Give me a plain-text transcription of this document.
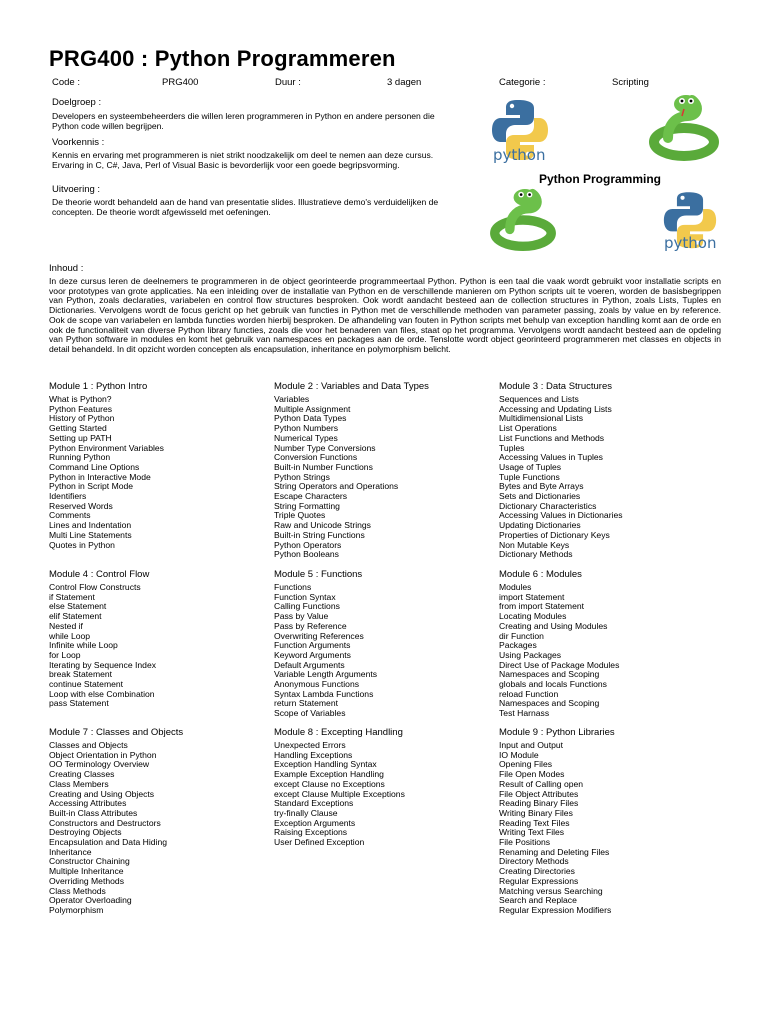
PRG400 : Python Programmeren
Code :	PRG400	Duur :	3 dagen	Categorie :	Scripting
Doelgroep :
Developers en systeembeheerders die willen leren programmeren in Python en andere personen die Python code willen begrijpen.
Voorkennis :
Kennis en ervaring met programmeren is niet strikt noodzakelijk om deel te nemen aan deze cursus. Ervaring in C, C#, Java, Perl of Visual Basic is bevorderlijk voor een goede begripsvorming.
Uitvoering :
De theorie wordt behandeld aan de hand van presentatie slides. Illustratieve demo's verduidelijken de concepten. De theorie wordt afgewisseld met oefeningen.
python
python
Python Programming
Inhoud :
In deze cursus leren de deelnemers te programmeren in de object georinteerde programmeertaal Python. Python is een taal die vaak wordt gebruikt voor installatie scripts en voor prototypes van grote applicaties. Na een inleiding over de installatie van Python en de verschillende manieren om Python scripts uit te voeren, worden de basisbegrippen van Python, zoals declaraties, variabelen en control flow structures besproken. Ook wordt aandacht besteed aan de collection structures in Python, zoals Lists, Tuples en Dictionaries. Vervolgens wordt de focus gericht op het gebruik van functies in Python met de verschillende methoden van parameter passing, zoals by value en by reference. Ook de scope van variabelen en lambda functies worden hierbij besproken. De afhandeling van fouten in Python scripts met behulp van exception handling komt aan de orde en ook de functionaliteit van diverse Python library functies, zoals die voor het benaderen van files, staat op het programma. Vervolgens wordt aandacht besteed aan de opdeling van Python software in modules en komt het gebruik van namespaces en packages aan de orde. Tenslotte wordt object georinteerd programmeren met classes en objects in detail behandeld. In dit opzicht worden concepten als encapsulation, inheritance en polymorphism belicht.
Module 1 : Python Intro
What is Python?
Python Features
History of Python
Getting Started
Setting up PATH
Python Environment Variables
Running Python
Command Line Options
Python in Interactive Mode
Python in Script Mode
Identifiers
Reserved Words
Comments
Lines and Indentation
Multi Line Statements
Quotes in Python
Module 2 : Variables and Data Types
Variables
Multiple Assignment
Python Data Types
Python Numbers
Numerical Types
Number Type Conversions
Conversion Functions
Built-in Number Functions
Python Strings
String Operators and Operations
Escape Characters
String Formatting
Triple Quotes
Raw and Unicode Strings
Built-in String Functions
Python Operators
Python Booleans
Module 3 : Data Structures
Sequences and Lists
Accessing and Updating Lists
Multidimensional Lists
List Operations
List Functions and Methods
Tuples
Accessing Values in Tuples
Usage of Tuples
Tuple Functions
Bytes and Byte Arrays
Sets and Dictionaries
Dictionary Characteristics
Accessing Values in Dictionaries
Updating Dictionaries
Properties of Dictionary Keys
Non Mutable Keys
Dictionary Methods
Module 4 : Control Flow
Control Flow Constructs
if Statement
else Statement
elif Statement
Nested if
while Loop
Infinite while Loop
for Loop
Iterating by Sequence Index
break Statement
continue Statement
Loop with else Combination
pass Statement
Module 5 : Functions
Functions
Function Syntax
Calling Functions
Pass by Value
Pass by Reference
Overwriting References
Function Arguments
Keyword Arguments
Default Arguments
Variable Length Arguments
Anonymous Functions
Syntax Lambda Functions
return Statement
Scope of Variables
Module 6 : Modules
Modules
import Statement
from import Statement
Locating Modules
Creating and Using Modules
dir Function
Packages
Using Packages
Direct Use of Package Modules
Namespaces and Scoping
globals and locals Functions
reload Function
Namespaces and Scoping
Test Harnass
Module 7 : Classes and Objects
Classes and Objects
Object Orientation in Python
OO Terminology Overview
Creating Classes
Class Members
Creating and Using Objects
Accessing Attributes
Built-in Class Attributes
Constructors and Destructors
Destroying Objects
Encapsulation and Data Hiding
Inheritance
Constructor Chaining
Multiple Inheritance
Overriding Methods
Class Methods
Operator Overloading
Polymorphism
Module 8 : Excepting Handling
Unexpected Errors
Handling Exceptions
Exception Handling Syntax
Example Exception Handling
except Clause no Exceptions
except Clause Multiple Exceptions
Standard Exceptions
try-finally Clause
Exception Arguments
Raising Exceptions
User Defined Exception
Module 9 : Python Libraries
Input and Output
IO Module
Opening Files
File Open Modes
Result of Calling open
File Object Attributes
Reading Binary Files
Writing Binary Files
Reading Text Files
Writing Text Files
File Positions
Renaming and Deleting Files
Directory Methods
Creating Directories
Regular Expressions
Matching versus Searching
Search and Replace
Regular Expression Modifiers
